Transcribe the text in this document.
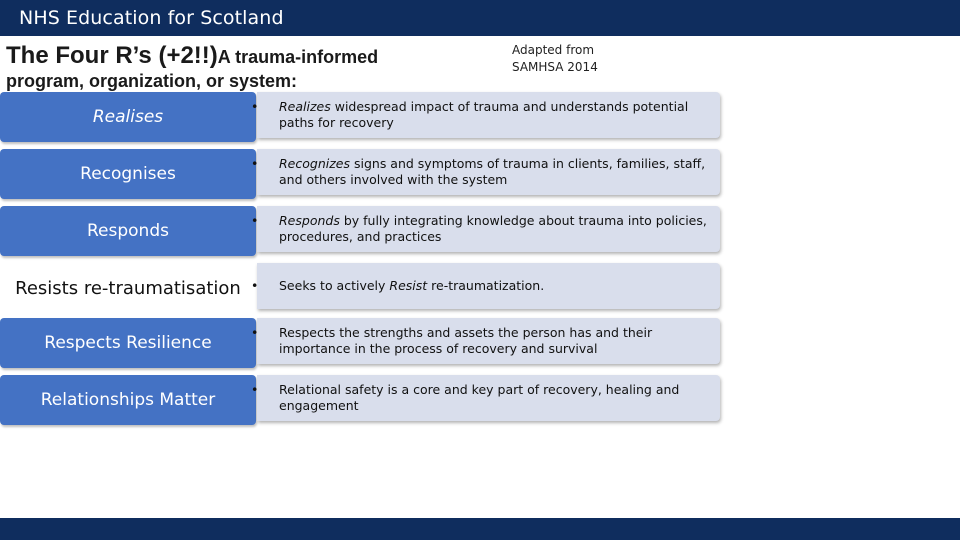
NHS Education for Scotland
The Four R’s (+2!!)A trauma-informed
program, organization, or system:
Adapted from
SAMHSA 2014
Realises
• Realizes widespread impact of trauma and understands potential paths for recovery
Recognises
• Recognizes signs and symptoms of trauma in clients, families, staff, and others involved with the system
Responds
• Responds by fully integrating knowledge about trauma into policies, procedures, and practices
Resists re-traumatisation • Seeks to actively Resist re-traumatization.
Respects Resilience
• Respects the strengths and assets the person has and their importance in the process of recovery and survival
Relationships Matter
• Relational safety is a core and key part of recovery, healing and engagement
